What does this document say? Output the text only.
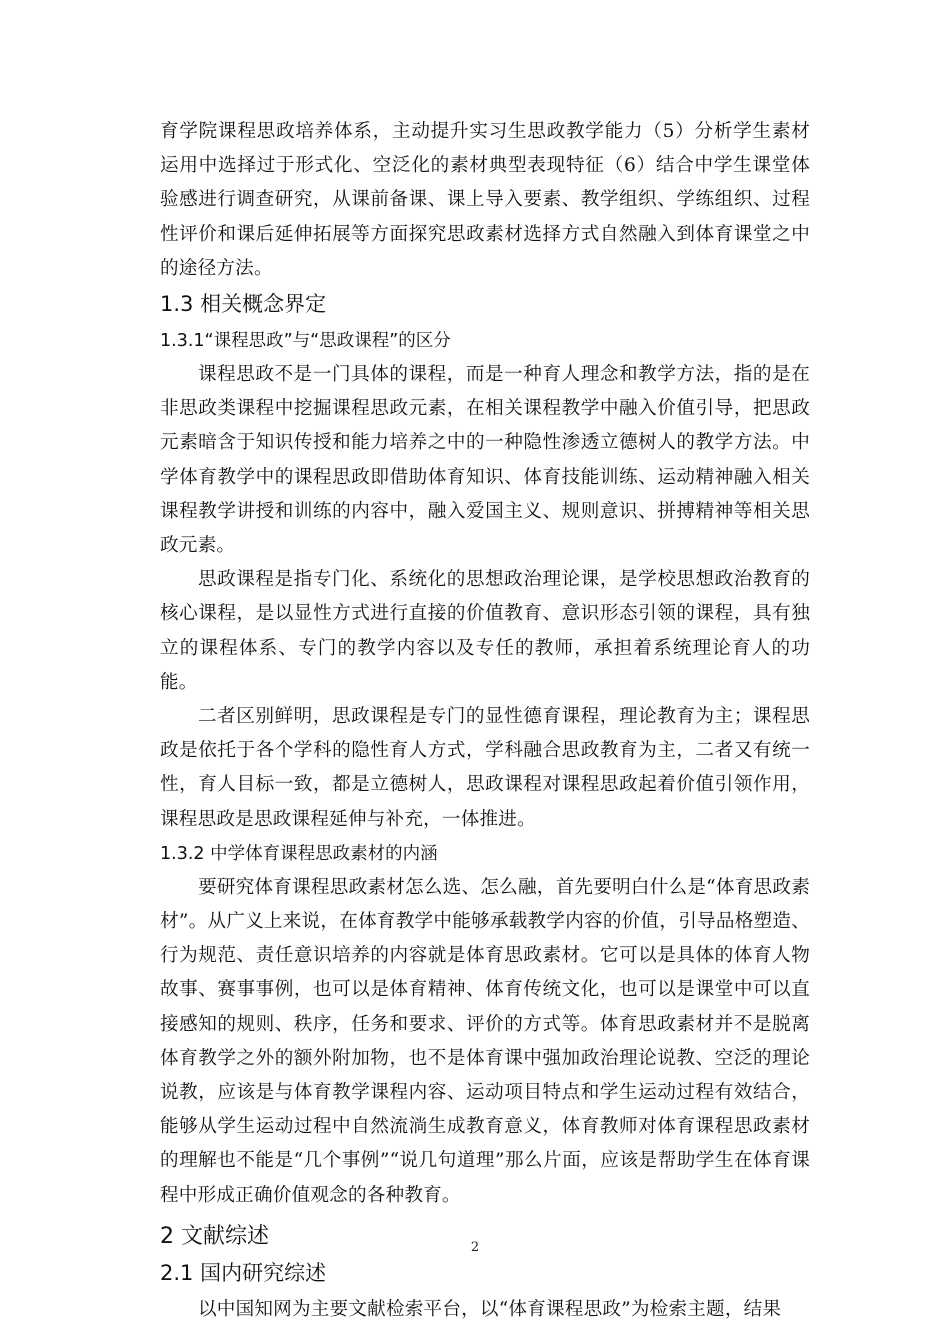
育学院课程思政培养体系，主动提升实习生思政教学能力（5）分析学生素材运用中选择过于形式化、空泛化的素材典型表现特征（6）结合中学生课堂体验感进行调查研究，从课前备课、课上导入要素、教学组织、学练组织、过程性评价和课后延伸拓展等方面探究思政素材选择方式自然融入到体育课堂之中的途径方法。

1.3 相关概念界定
1.3.1“课程思政”与“思政课程”的区分

课程思政不是一门具体的课程，而是一种育人理念和教学方法，指的是在非思政类课程中挖掘课程思政元素，在相关课程教学中融入价值引导，把思政元素暗含于知识传授和能力培养之中的一种隐性渗透立德树人的教学方法。中学体育教学中的课程思政即借助体育知识、体育技能训练、运动精神融入相关课程教学讲授和训练的内容中，融入爱国主义、规则意识、拼搏精神等相关思政元素。

思政课程是指专门化、系统化的思想政治理论课，是学校思想政治教育的核心课程，是以显性方式进行直接的价值教育、意识形态引领的课程，具有独立的课程体系、专门的教学内容以及专任的教师，承担着系统理论育人的功能。

二者区别鲜明，思政课程是专门的显性德育课程，理论教育为主；课程思政是依托于各个学科的隐性育人方式，学科融合思政教育为主，二者又有统一性，育人目标一致，都是立德树人，思政课程对课程思政起着价值引领作用，课程思政是思政课程延伸与补充，一体推进。

1.3.2 中学体育课程思政素材的内涵

要研究体育课程思政素材怎么选、怎么融，首先要明白什么是“体育思政素材”。从广义上来说，在体育教学中能够承载教学内容的价值，引导品格塑造、行为规范、责任意识培养的内容就是体育思政素材。它可以是具体的体育人物故事、赛事事例，也可以是体育精神、体育传统文化，也可以是课堂中可以直接感知的规则、秩序，任务和要求、评价的方式等。体育思政素材并不是脱离体育教学之外的额外附加物，也不是体育课中强加政治理论说教、空泛的理论说教，应该是与体育教学课程内容、运动项目特点和学生运动过程有效结合，能够从学生运动过程中自然流淌生成教育意义，体育教师对体育课程思政素材的理解也不能是“几个事例”“说几句道理”那么片面，应该是帮助学生在体育课程中形成正确价值观念的各种教育。

2 文献综述
2.1 国内研究综述

以中国知网为主要文献检索平台，以“体育课程思政”为检索主题，结果

2
